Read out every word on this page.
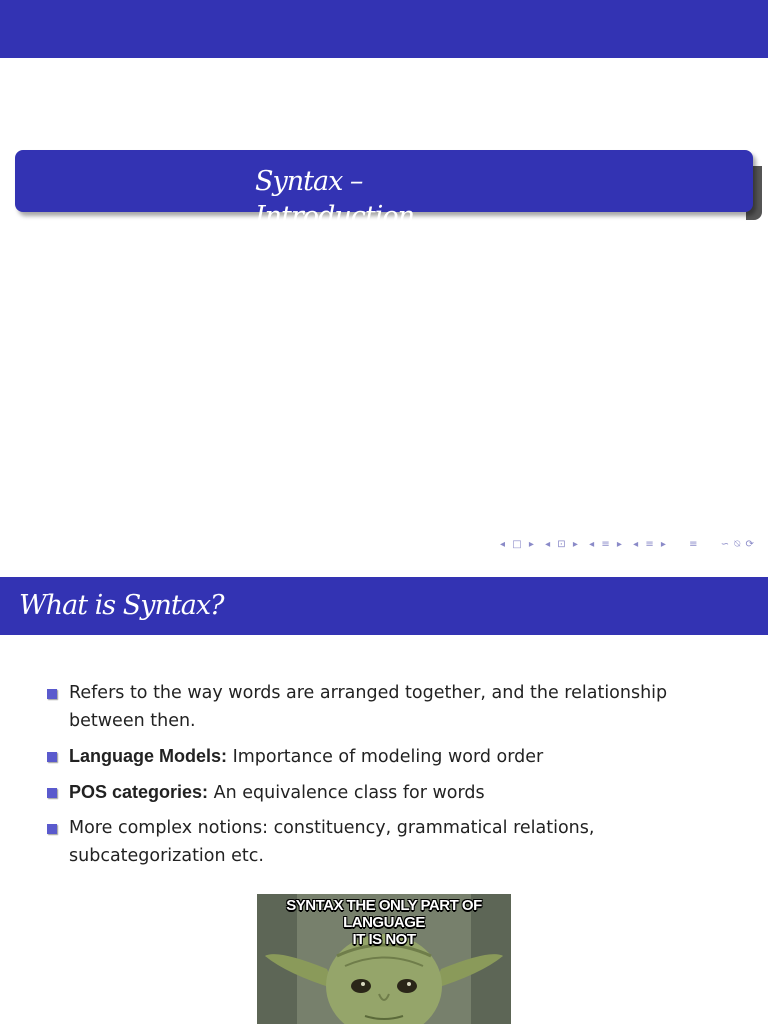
Syntax – Introduction
◂ □ ▸ ◂ ⊡ ▸ ◂ ≡ ▸ ◂ ≡ ▸ ≡ ∽ ⍉ ⟳
What is Syntax?
Refers to the way words are arranged together, and the relationship between then.
Language Models: Importance of modeling word order
POS categories: An equivalence class for words
More complex notions: constituency, grammatical relations, subcategorization etc.
SYNTAX THE ONLY PART OF LANGUAGE
IT IS NOT
